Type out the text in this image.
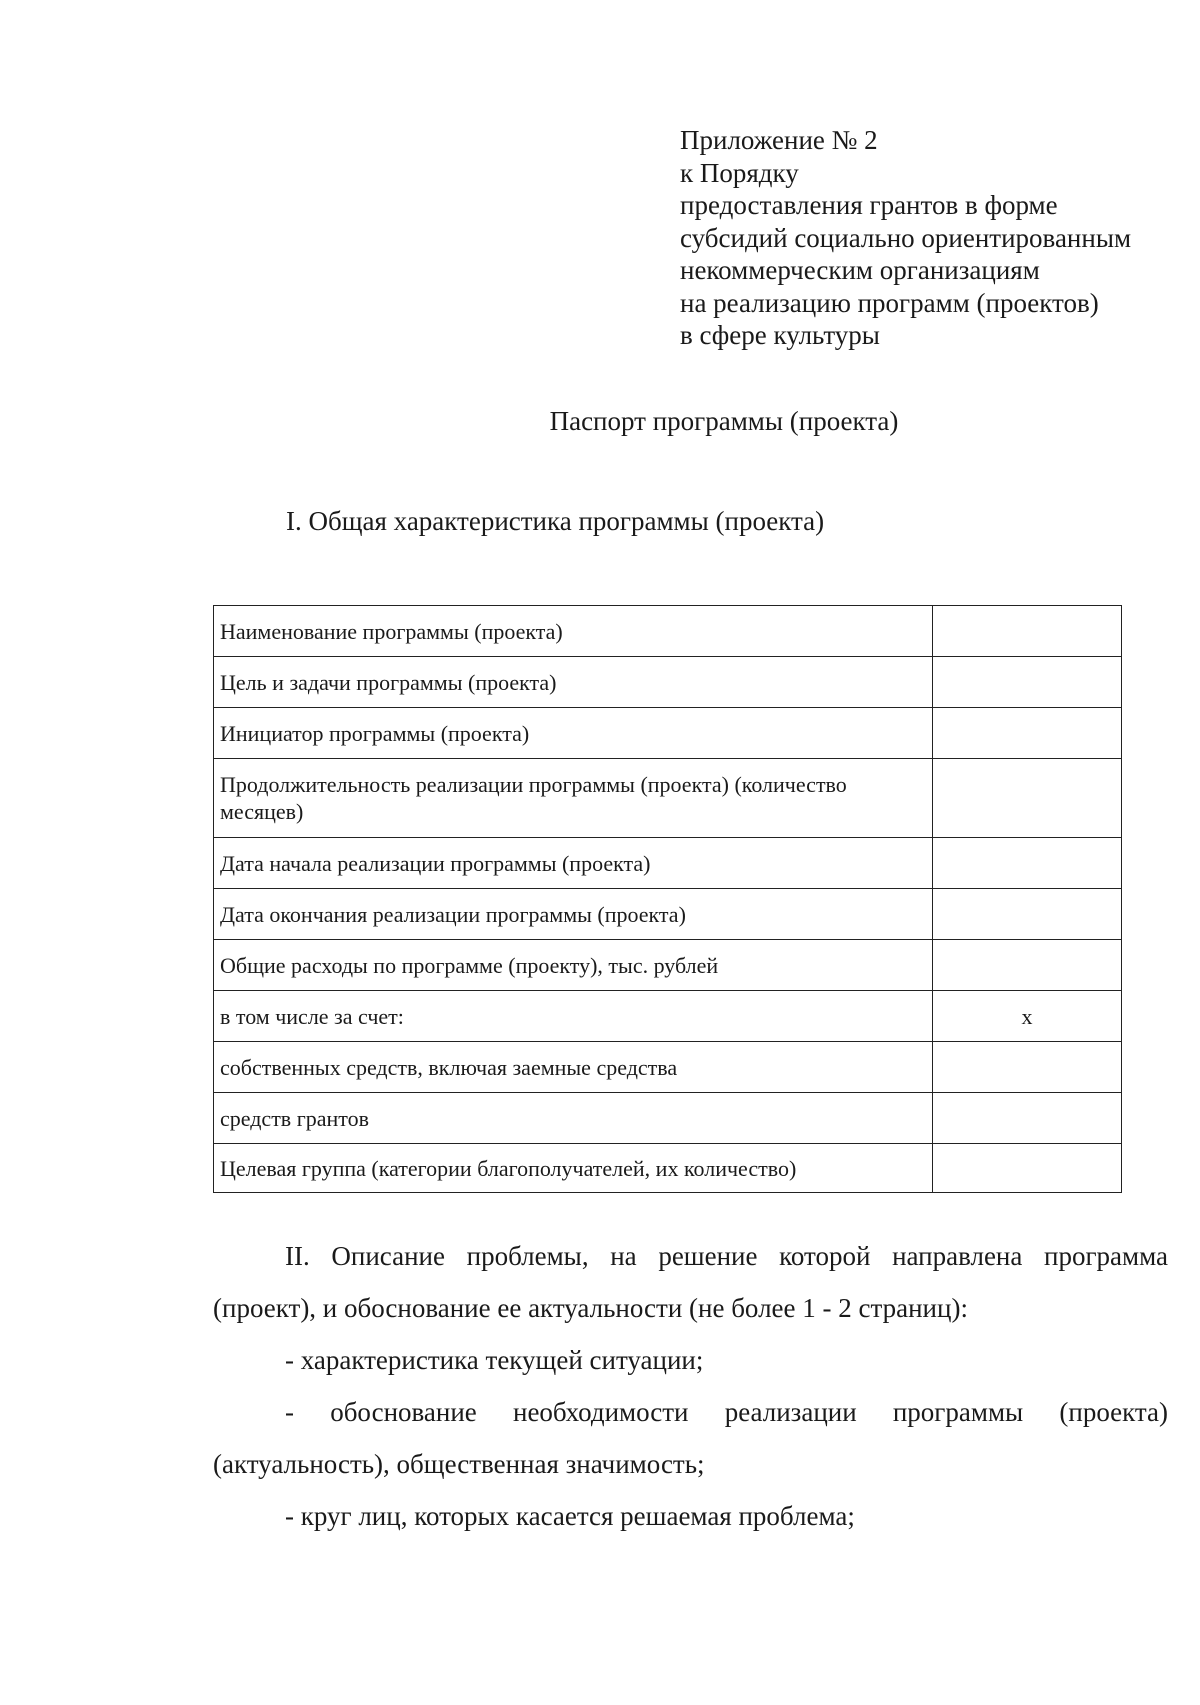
Приложение № 2
к Порядку
предоставления грантов в форме
субсидий социально ориентированным
некоммерческим организациям
на реализацию программ (проектов)
в сфере культуры
Паспорт программы (проекта)
I. Общая характеристика программы (проекта)
Наименование программы (проекта)	
Цель и задачи программы (проекта)	
Инициатор программы (проекта)	
Продолжительность реализации программы (проекта) (количество месяцев)	
Дата начала реализации программы (проекта)	
Дата окончания реализации программы (проекта)	
Общие расходы по программе (проекту), тыс. рублей	
в том числе за счет:	x
собственных средств, включая заемные средства	
средств грантов	
Целевая группа (категории благополучателей, их количество)	

II. Описание проблемы, на решение которой направлена программа

(проект), и обоснование ее актуальности (не более 1 - 2 страниц):

- характеристика текущей ситуации;

- обоснование необходимости реализации программы (проекта)

(актуальность), общественная значимость;

- круг лиц, которых касается решаемая проблема;
